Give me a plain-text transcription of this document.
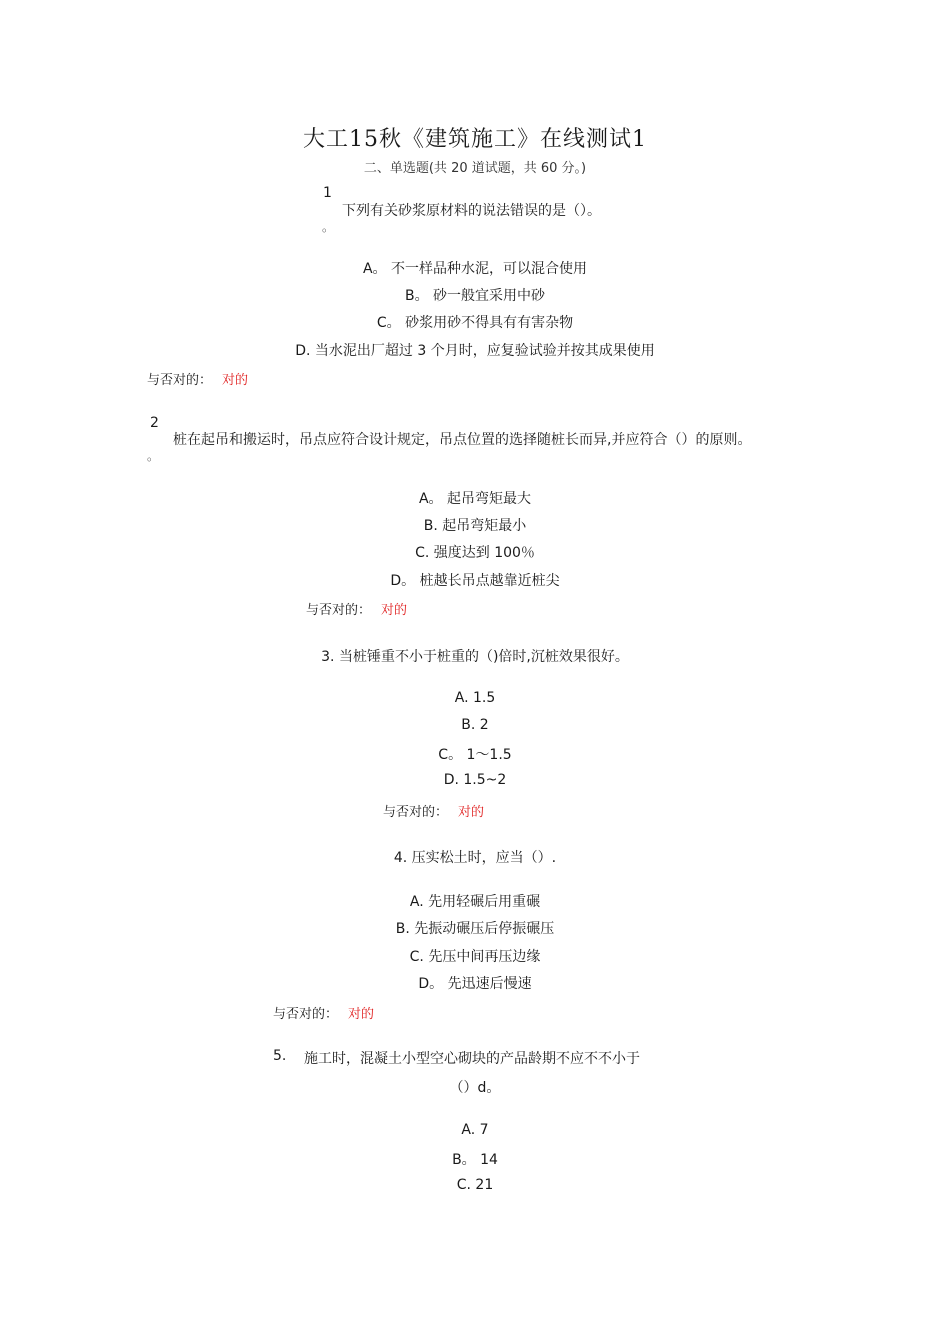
大工15秋《建筑施工》在线测试1
二、单选题(共 20 道试题，共 60 分。)
1
下列有关砂浆原材料的说法错误的是（）。
。
A。 不一样品种水泥，可以混合使用
B。 砂一般宜采用中砂
C。 砂浆用砂不得具有有害杂物
D. 当水泥出厂超过 3 个月时，应复验试验并按其成果使用
与否对的： 对的
2
桩在起吊和搬运时，吊点应符合设计规定，吊点位置的选择随桩长而异,并应符合（）的原则。
。
A。 起吊弯矩最大
B. 起吊弯矩最小
C. 强度达到 100％
D。 桩越长吊点越靠近桩尖
与否对的： 对的
3. 当桩锤重不小于桩重的（)倍时,沉桩效果很好。
A. 1.5
B. 2
C。 1～1.5
D. 1.5~2
与否对的： 对的
4. 压实松土时，应当（）.
A. 先用轻碾后用重碾
B. 先振动碾压后停振碾压
C. 先压中间再压边缘
D。 先迅速后慢速
与否对的： 对的
5. 施工时，混凝土小型空心砌块的产品龄期不应不不小于
（）d。
A. 7
B。 14
C. 21
